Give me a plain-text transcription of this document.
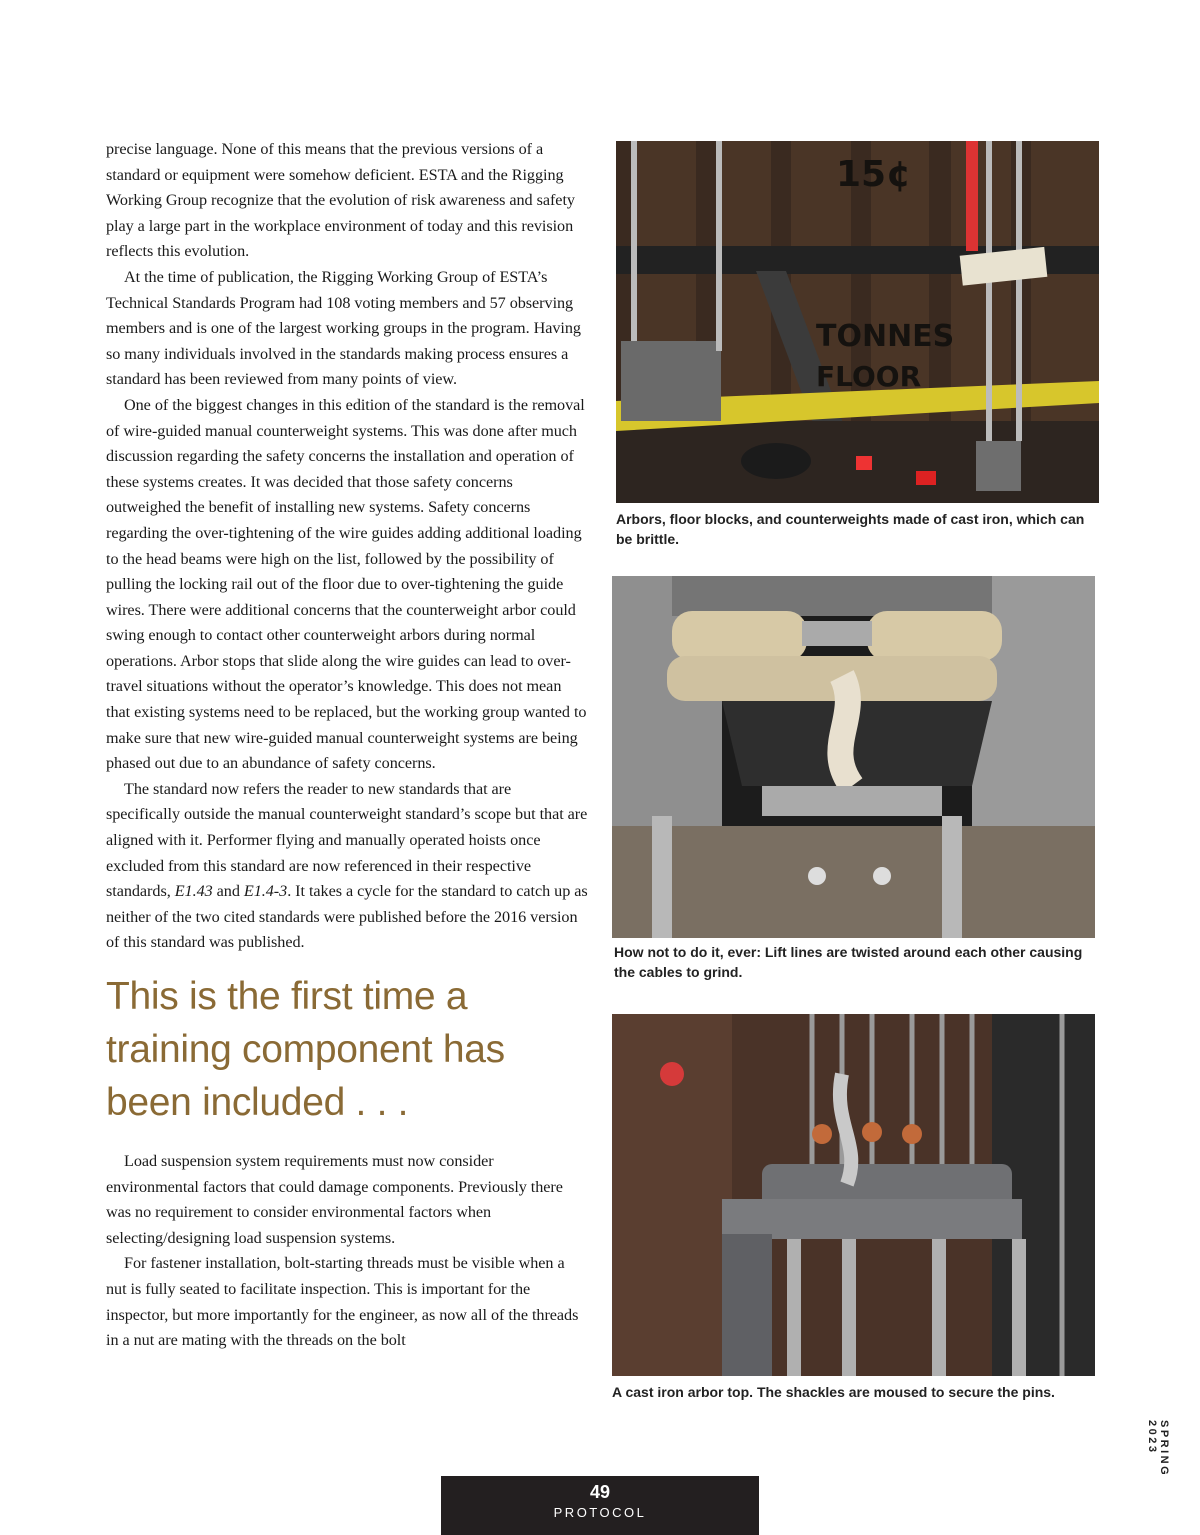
precise language. None of this means that the previous versions of a standard or equipment were somehow deficient. ESTA and the Rigging Working Group recognize that the evolution of risk awareness and safety play a large part in the workplace environment of today and this revision reflects this evolution.

At the time of publication, the Rigging Working Group of ESTA’s Technical Standards Program had 108 voting members and 57 observing members and is one of the largest working groups in the program. Having so many individuals involved in the standards making process ensures a standard has been reviewed from many points of view.

One of the biggest changes in this edition of the standard is the removal of wire-guided manual counterweight systems. This was done after much discussion regarding the safety concerns the installation and operation of these systems creates. It was decided that those safety concerns outweighed the benefit of installing new systems. Safety concerns regarding the over-tightening of the wire guides adding additional loading to the head beams were high on the list, followed by the possibility of pulling the locking rail out of the floor due to over-tightening the guide wires. There were additional concerns that the counterweight arbor could swing enough to contact other counterweight arbors during normal operations. Arbor stops that slide along the wire guides can lead to over-travel situations without the operator’s knowledge. This does not mean that existing systems need to be replaced, but the working group wanted to make sure that new wire-guided manual counterweight systems are being phased out due to an abundance of safety concerns.

The standard now refers the reader to new standards that are specifically outside the manual counterweight standard’s scope but that are aligned with it. Performer flying and manually operated hoists once excluded from this standard are now referenced in their respective standards, E1.43 and E1.4-3. It takes a cycle for the standard to catch up as neither of the two cited standards were published before the 2016 version of this standard was published.

This is the first time a training component has been included . . .

Load suspension system requirements must now consider environmental factors that could damage components. Previously there was no requirement to consider environmental factors when selecting/designing load suspension systems.

For fastener installation, bolt-starting threads must be visible when a nut is fully seated to facilitate inspection. This is important for the inspector, but more importantly for the engineer, as now all of the threads in a nut are mating with the threads on the bolt

15¢
TONNES
FLOOR

Arbors, floor blocks, and counterweights made of cast iron, which can be brittle.

How not to do it, ever: Lift lines are twisted around each other causing the cables to grind.

A cast iron arbor top. The shackles are moused to secure the pins.

49
PROTOCOL
SPRING 2023
